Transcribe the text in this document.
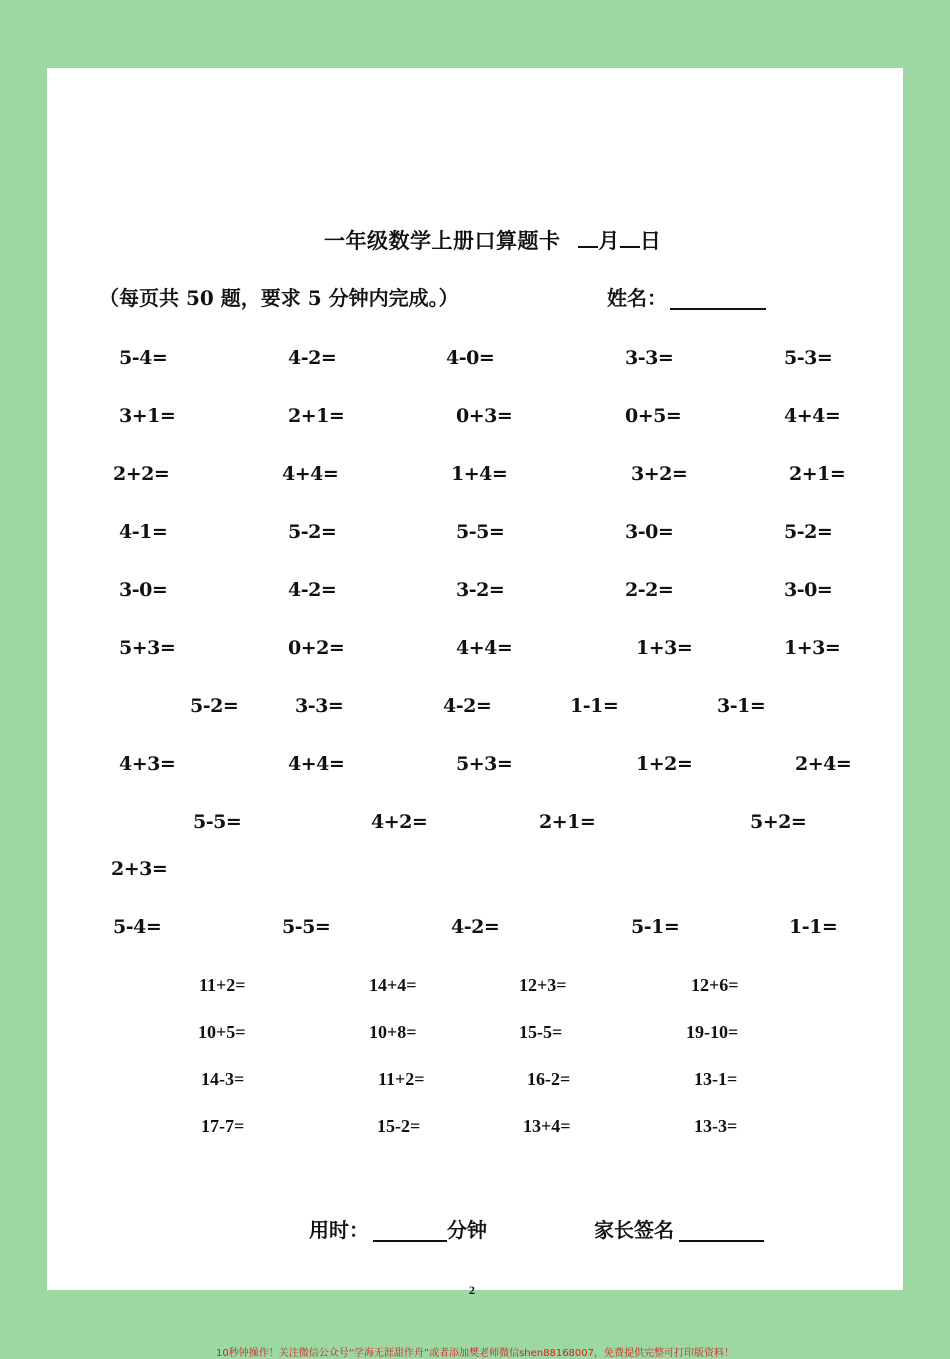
一年级数学上册口算题卡 月 日
（每页共 50 题，要求 5 分钟内完成。）	姓名：
5-4=	4-2=	4-0=	3-3=	5-3=
3+1=	2+1=	0+3=	0+5=	4+4=
2+2=	4+4=	1+4=	3+2=	2+1=
4-1=	5-2=	5-5=	3-0=	5-2=
3-0=	4-2=	3-2=	2-2=	3-0=
5+3=	0+2=	4+4=	1+3=	1+3=
5-2=	3-3=	4-2=	1-1=	3-1=
4+3=	4+4=	5+3=	1+2=	2+4=
5-5=	4+2=	2+1=	5+2=
2+3=
5-4=	5-5=	4-2=	5-1=	1-1=
11+2=	14+4=	12+3=	12+6=
10+5=	10+8=	15-5=	19-10=
14-3=	11+2=	16-2=	13-1=
17-7=	15-2=	13+4=	13-3=
用时：	分钟	家长签名
2
10秒钟操作！关注微信公众号“学海无涯甜作舟”或者添加樊老师微信shen88168007，免费提供完整可打印版资料！
